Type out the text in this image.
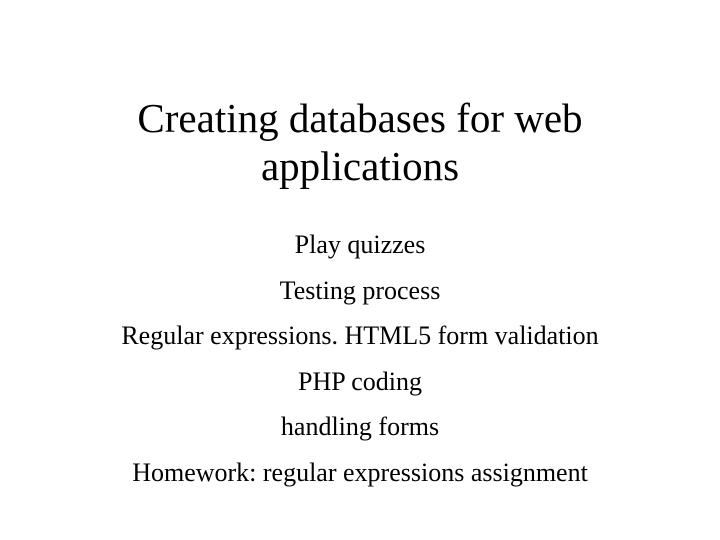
Creating databases for web applications
Play quizzes
Testing process
Regular expressions. HTML5 form validation
PHP coding
handling forms
Homework: regular expressions assignment
